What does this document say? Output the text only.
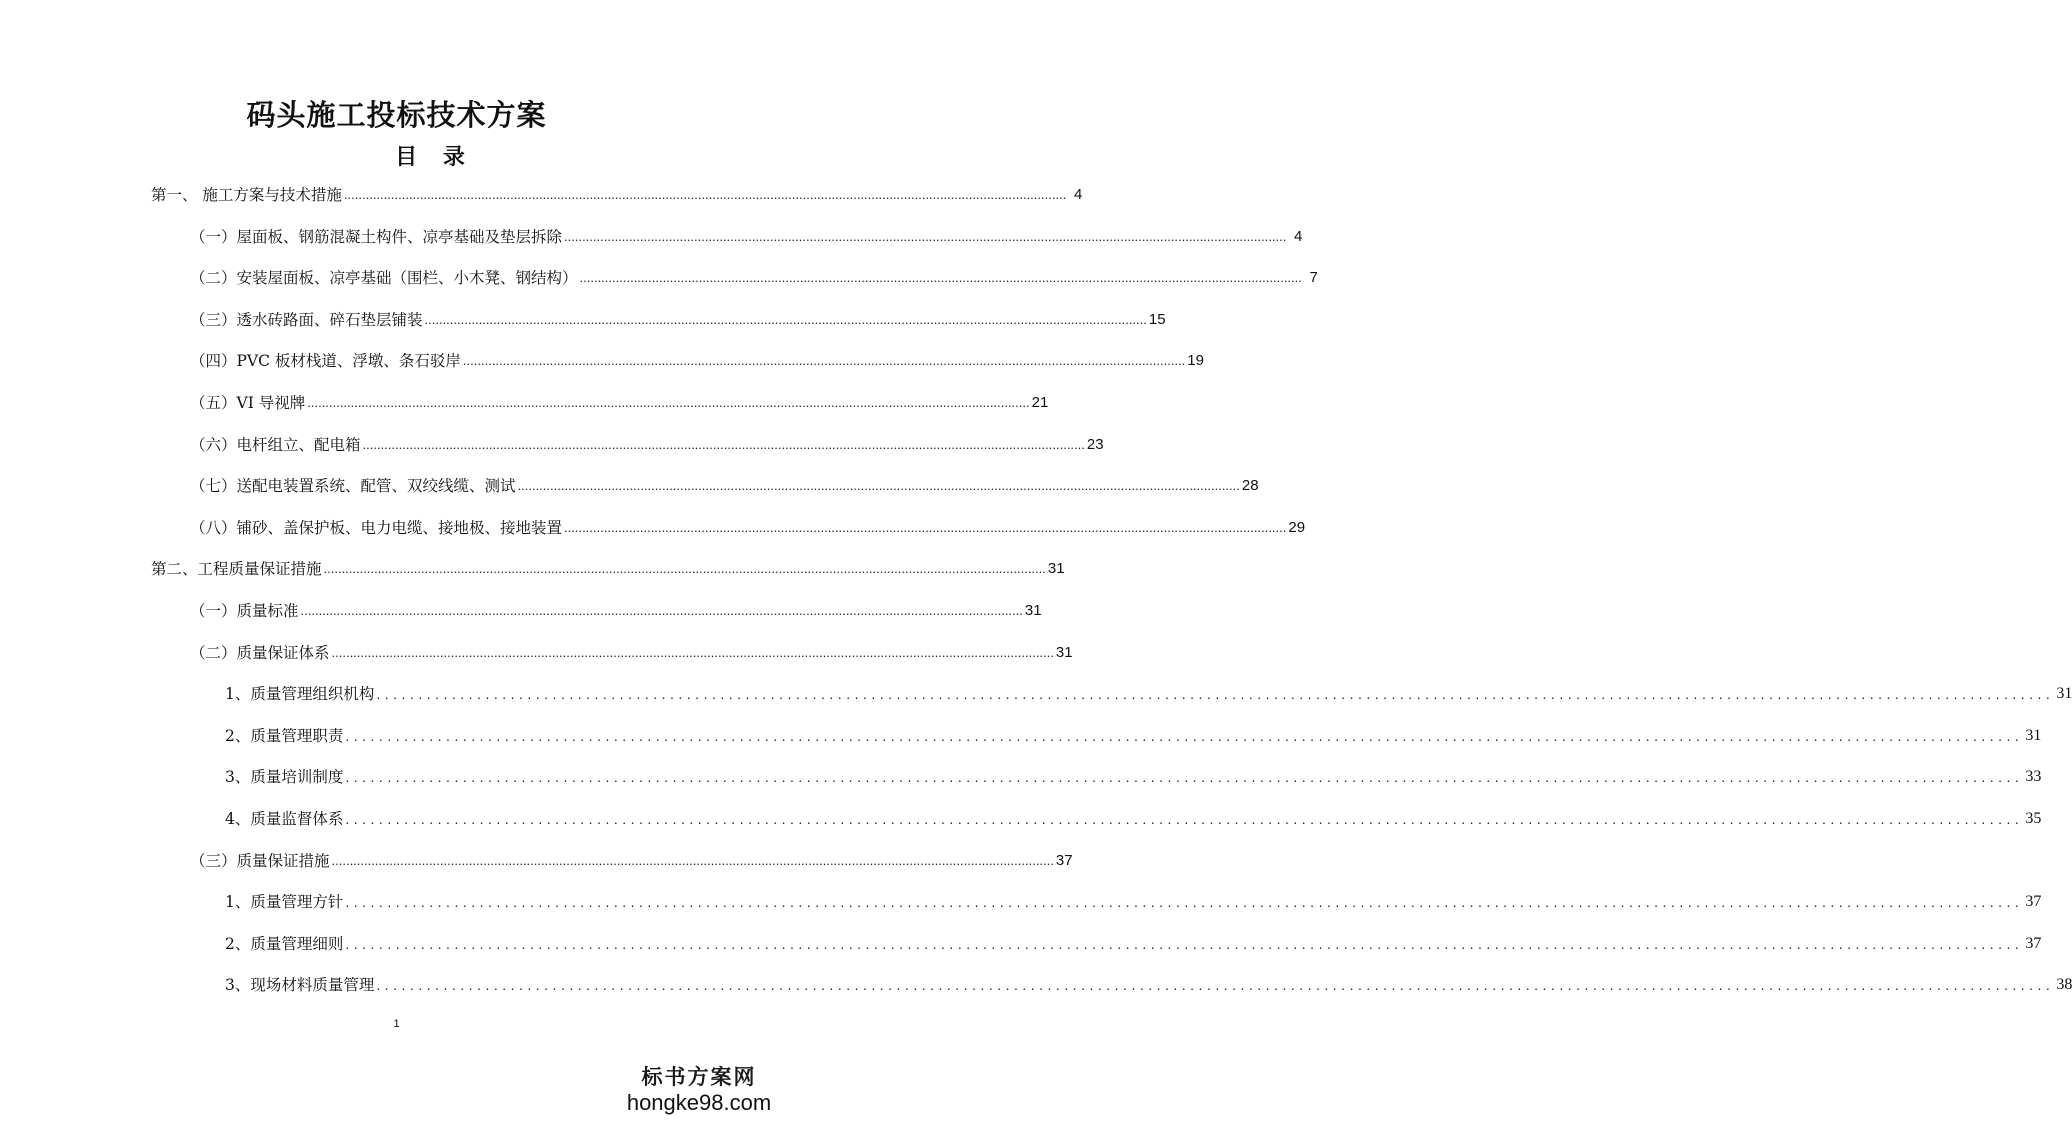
码头施工投标技术方案
目 录
第一、 施工方案与技术措施 ........................................................................................................................................................................................................ 4
（一）屋面板、钢筋混凝土构件、凉亭基础及垫层拆除 ........................................................................................................................................................................................................ 4
（二）安装屋面板、凉亭基础（围栏、小木凳、钢结构） ........................................................................................................................................................................................................ 7
（三）透水砖路面、碎石垫层铺装 ........................................................................................................................................................................................................ 15
（四）PVC 板材栈道、浮墩、条石驳岸 ........................................................................................................................................................................................................ 19
（五）VI 导视牌 ........................................................................................................................................................................................................ 21
（六）电杆组立、配电箱 ........................................................................................................................................................................................................ 23
（七）送配电装置系统、配管、双绞线缆、测试 ........................................................................................................................................................................................................ 28
（八）铺砂、盖保护板、电力电缆、接地极、接地装置 ........................................................................................................................................................................................................ 29
第二、工程质量保证措施 ........................................................................................................................................................................................................ 31
（一）质量标准 ........................................................................................................................................................................................................ 31
（二）质量保证体系 ........................................................................................................................................................................................................ 31
1、质量管理组织机构 ........................................................................................................................................................................................................ 31
2、质量管理职责 ........................................................................................................................................................................................................ 31
3、质量培训制度 ........................................................................................................................................................................................................ 33
4、质量监督体系 ........................................................................................................................................................................................................ 35
（三）质量保证措施 ........................................................................................................................................................................................................ 37
1、质量管理方针 ........................................................................................................................................................................................................ 37
2、质量管理细则 ........................................................................................................................................................................................................ 37
3、现场材料质量管理 ........................................................................................................................................................................................................ 38
1
标书方案网
hongke98.com
